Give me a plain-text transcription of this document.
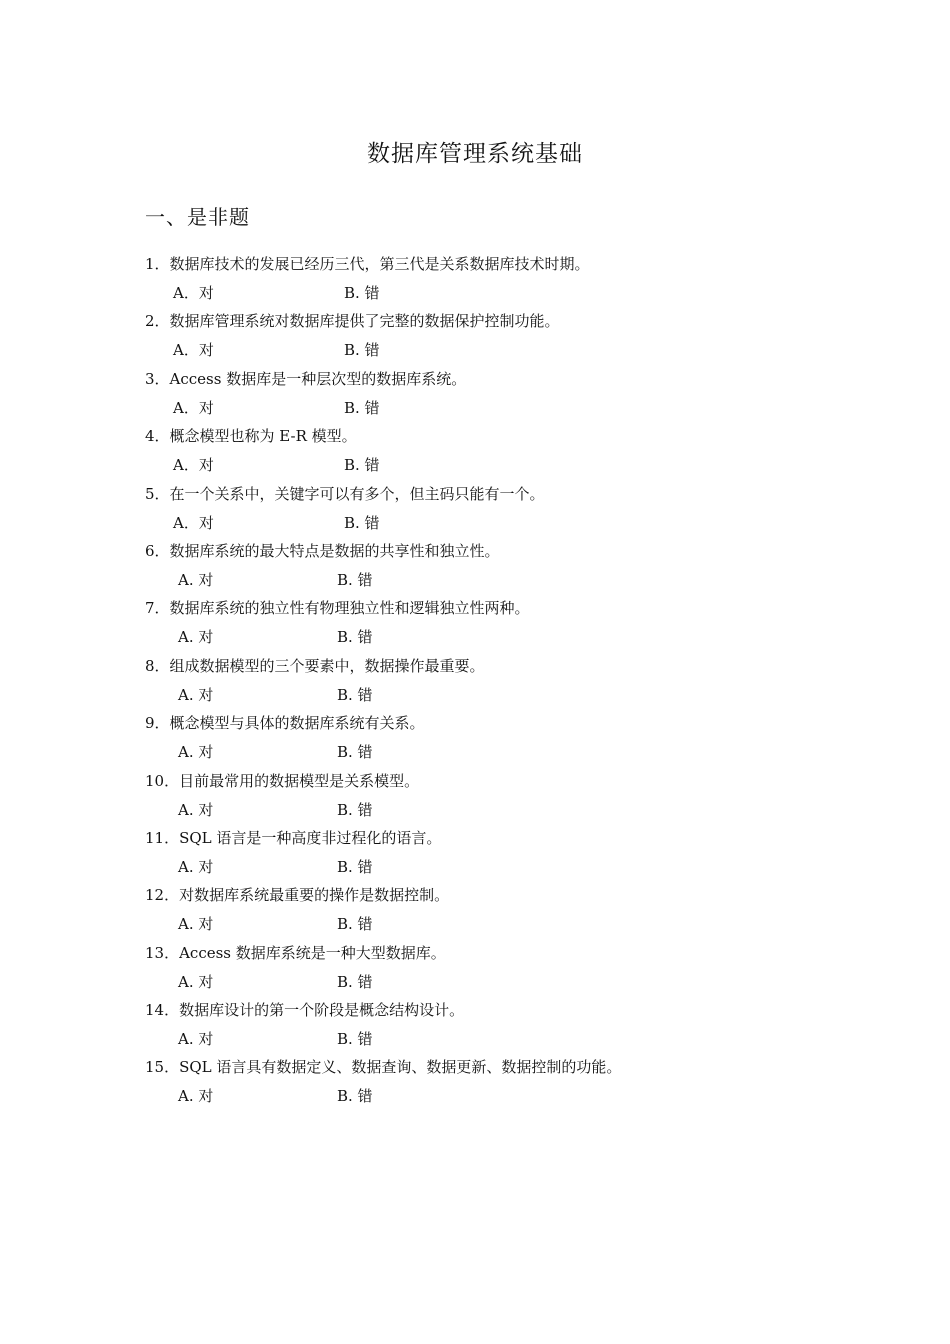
数据库管理系统基础
一、是非题
1．数据库技术的发展已经历三代，第三代是关系数据库技术时期。
A．对	B. 错
2．数据库管理系统对数据库提供了完整的数据保护控制功能。
A．对	B. 错
3．Access 数据库是一种层次型的数据库系统。
A．对	B. 错
4．概念模型也称为 E-R 模型。
A．对	B. 错
5．在一个关系中，关键字可以有多个，但主码只能有一个。
A．对	B. 错
6．数据库系统的最大特点是数据的共享性和独立性。
A. 对	B. 错
7．数据库系统的独立性有物理独立性和逻辑独立性两种。
A. 对	B. 错
8．组成数据模型的三个要素中，数据操作最重要。
A. 对	B. 错
9．概念模型与具体的数据库系统有关系。
A. 对	B. 错
10．目前最常用的数据模型是关系模型。
A. 对	B. 错
11．SQL 语言是一种高度非过程化的语言。
A. 对	B. 错
12．对数据库系统最重要的操作是数据控制。
A. 对	B. 错
13．Access 数据库系统是一种大型数据库。
A. 对	B. 错
14．数据库设计的第一个阶段是概念结构设计。
A. 对	B. 错
15．SQL 语言具有数据定义、数据查询、数据更新、数据控制的功能。
A. 对	B. 错
